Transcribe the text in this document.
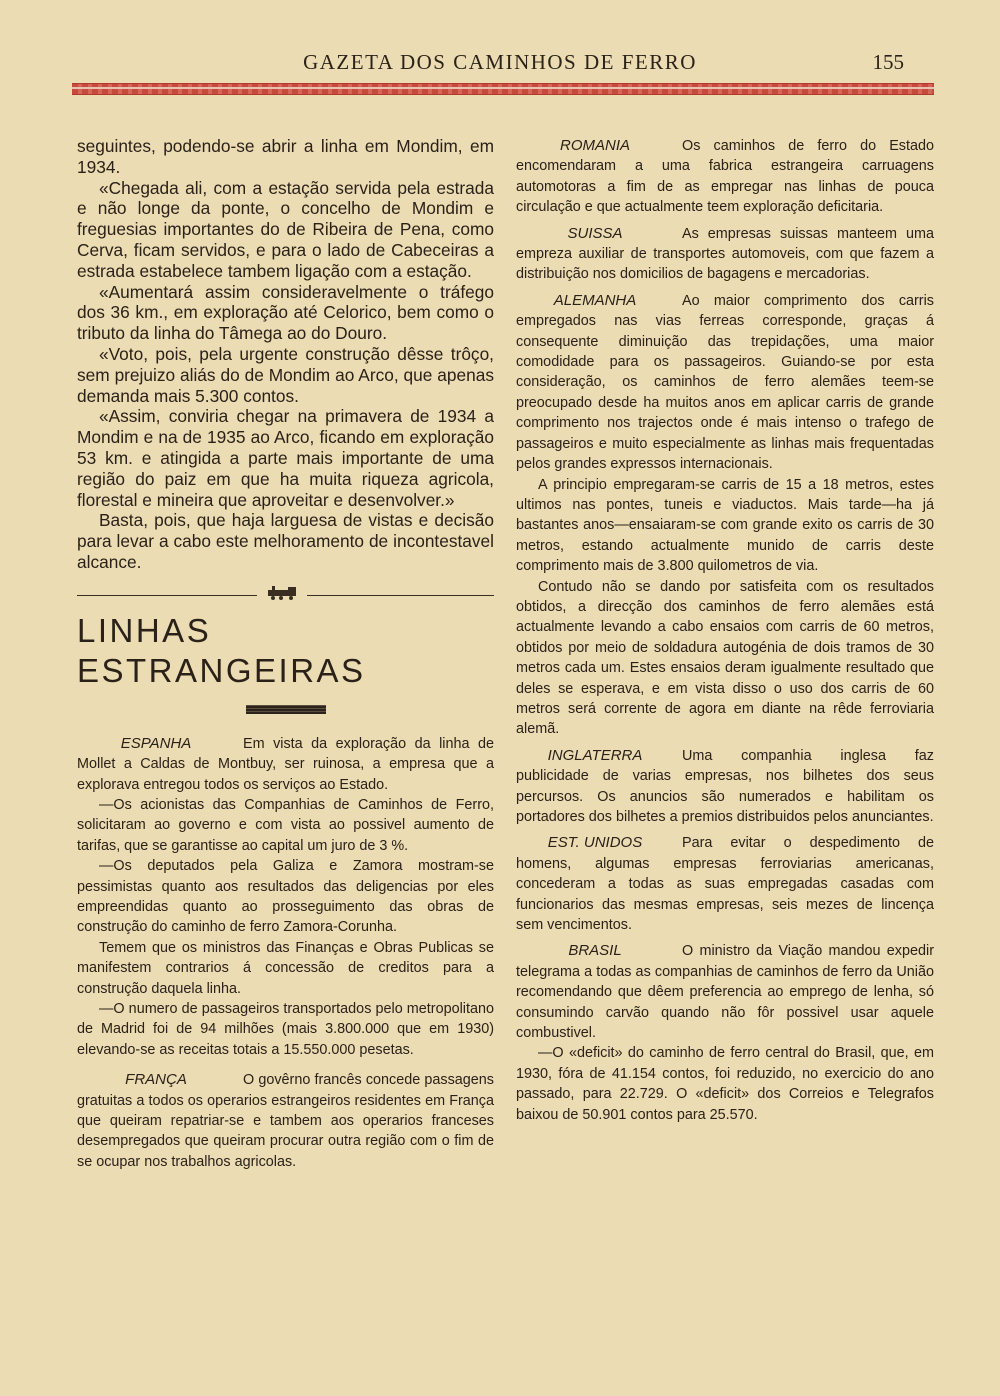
GAZETA DOS CAMINHOS DE FERRO	155

seguintes, podendo-se abrir a linha em Mondim, em 1934.

«Chegada ali, com a estação servida pela estrada e não longe da ponte, o concelho de Mondim e freguesias importantes do de Ribeira de Pena, como Cerva, ficam servidos, e para o lado de Cabeceiras a estrada estabelece tambem ligação com a estação.

«Aumentará assim consideravelmente o tráfego dos 36 km., em exploração até Celorico, bem como o tributo da linha do Tâmega ao do Douro.

«Voto, pois, pela urgente construção dêsse trôço, sem prejuizo aliás do de Mondim ao Arco, que apenas demanda mais 5.300 contos.

«Assim, conviria chegar na primavera de 1934 a Mondim e na de 1935 ao Arco, ficando em exploração 53 km. e atingida a parte mais importante de uma região do paiz em que ha muita riqueza agricola, florestal e mineira que aproveitar e desenvolver.»

Basta, pois, que haja larguesa de vistas e decisão para levar a cabo este melhoramento de incontestavel alcance.

LINHAS ESTRANGEIRAS
ESPANHA	Em vista da exploração da linha de Mollet a Caldas de Montbuy, ser ruinosa, a empresa que a explorava entregou todos os serviços ao Estado.

—Os acionistas das Companhias de Caminhos de Ferro, solicitaram ao governo e com vista ao possivel aumento de tarifas, que se garantisse ao capital um juro de 3 %.

—Os deputados pela Galiza e Zamora mostram-se pessimistas quanto aos resultados das deligencias por eles empreendidas quanto ao prosseguimento das obras de construção do caminho de ferro Zamora-Corunha.

Temem que os ministros das Finanças e Obras Publicas se manifestem contrarios á concessão de creditos para a construção daquela linha.

—O numero de passageiros transportados pelo metropolitano de Madrid foi de 94 milhões (mais 3.800.000 que em 1930) elevando-se as receitas totais a 15.550.000 pesetas.

FRANÇA	O govêrno francês concede passagens gratuitas a todos os operarios estrangeiros residentes em França que queiram repatriar-se e tambem aos operarios franceses desempregados que queiram procurar outra região com o fim de se ocupar nos trabalhos agricolas.

ROMANIA	Os caminhos de ferro do Estado encomendaram a uma fabrica estrangeira carruagens automotoras a fim de as empregar nas linhas de pouca circulação e que actualmente teem exploração deficitaria.

SUISSA	As empresas suissas manteem uma empreza auxiliar de transportes automoveis, com que fazem a distribuição nos domicilios de bagagens e mercadorias.

ALEMANHA	Ao maior comprimento dos carris empregados nas vias ferreas corresponde, graças á consequente diminuição das trepidações, uma maior comodidade para os passageiros. Guiando-se por esta consideração, os caminhos de ferro alemães teem-se preocupado desde ha muitos anos em aplicar carris de grande comprimento nos trajectos onde é mais intenso o trafego de passageiros e muito especialmente as linhas mais frequentadas pelos grandes expressos internacionais.

A principio empregaram-se carris de 15 a 18 metros, estes ultimos nas pontes, tuneis e viaductos. Mais tarde—ha já bastantes anos—ensaiaram-se com grande exito os carris de 30 metros, estando actualmente munido de carris deste comprimento mais de 3.800 quilometros de via.

Contudo não se dando por satisfeita com os resultados obtidos, a direcção dos caminhos de ferro alemães está actualmente levando a cabo ensaios com carris de 60 metros, obtidos por meio de soldadura autogénia de dois tramos de 30 metros cada um. Estes ensaios deram igualmente resultado que deles se esperava, e em vista disso o uso dos carris de 60 metros será corrente de agora em diante na rêde ferroviaria alemã.

INGLATERRA	Uma companhia inglesa faz publicidade de varias empresas, nos bilhetes dos seus percursos. Os anuncios são numerados e habilitam os portadores dos bilhetes a premios distribuidos pelos anunciantes.

EST. UNIDOS	Para evitar o despedimento de homens, algumas empresas ferroviarias americanas, concederam a todas as suas empregadas casadas com funcionarios das mesmas empresas, seis mezes de lincença sem vencimentos.

BRASIL	O ministro da Viação mandou expedir telegrama a todas as companhias de caminhos de ferro da União recomendando que dêem preferencia ao emprego de lenha, só consumindo carvão quando não fôr possivel usar aquele combustivel.

—O «deficit» do caminho de ferro central do Brasil, que, em 1930, fóra de 41.154 contos, foi reduzido, no exercicio do ano passado, para 22.729. O «deficit» dos Correios e Telegrafos baixou de 50.901 contos para 25.570.
